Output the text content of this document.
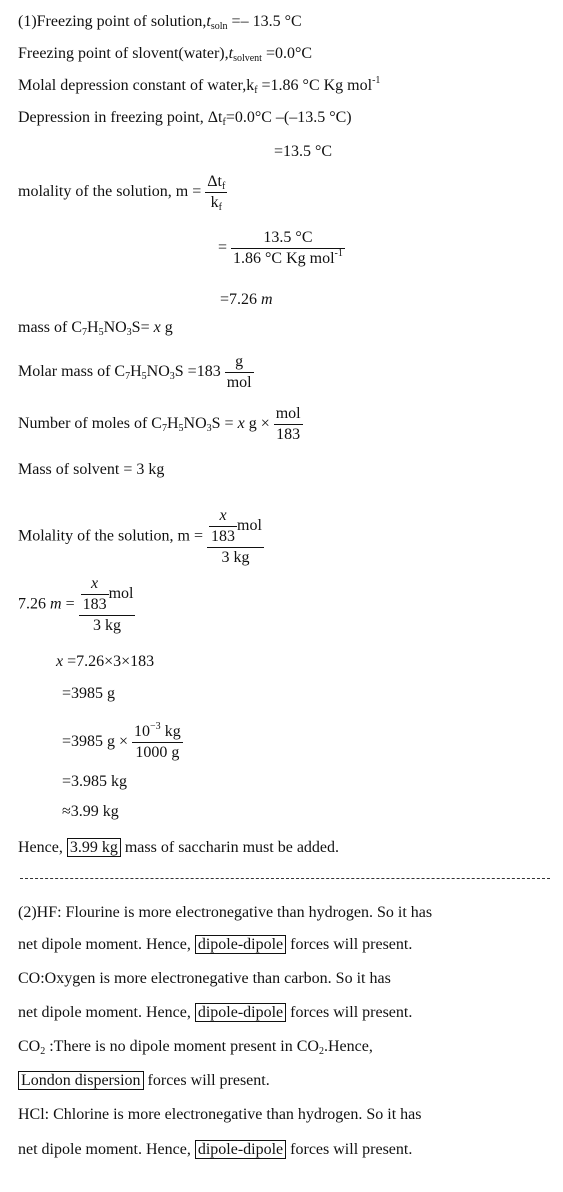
(1)Freezing point of $solution,t_{soln} =- 13.5$ °C
Freezing point of $slovent(water),t_{solvent} =0.0^\circ C$
Molal depression constant of $water,k_f =1.86$ °C Kg mol$^{-1}$
Depression in freezing point, $\Delta t_f=0.0^\circ C$ –(–13.5 °C)
=13.5 °C
molality of the solution, $m = \frac{\Delta t_f}{k_f}$
= $\frac{13.5 ^\circ C}{1.86 ^\circ C Kg mol^{-1}}$
=7.26 m
mass of $C_7H_5NO_3S= x$ g
Molar mass of $C_7H_5NO_3S =183 \frac{g}{\text{mol}}$
Number of moles of $C_7H_5NO_3S = x$ $g \times \frac{\text{mol}}{183}$
Mass of solvent = 3 kg
Molality of the solution, $m = \frac{\frac{x}{183} mol}{3 kg}$
7.26 $m = \frac{\frac{x}{183} mol}{3 kg}$
x =7.26×3×183
=3985 g
=3985 $g \times \frac{10^{-3} kg}{1000 g}$
=3.985 kg
≈3.99 kg
Hence, 3.99 kg mass of saccharin must be added.
(2)HF: Flourine is more electronegative than hydrogen. So it has
net dipole moment. Hence, dipole-dipole forces will present.
CO:Oxygen is more electronegative than carbon. So it has
net dipole moment. Hence, dipole-dipole forces will present.
$CO_2$ :There is no dipole moment present in $CO_2.Hence$,
London dispersion forces will present.
HCl: Chlorine is more electronegative than hydrogen. So it has
net dipole moment. Hence, dipole-dipole forces will present.
